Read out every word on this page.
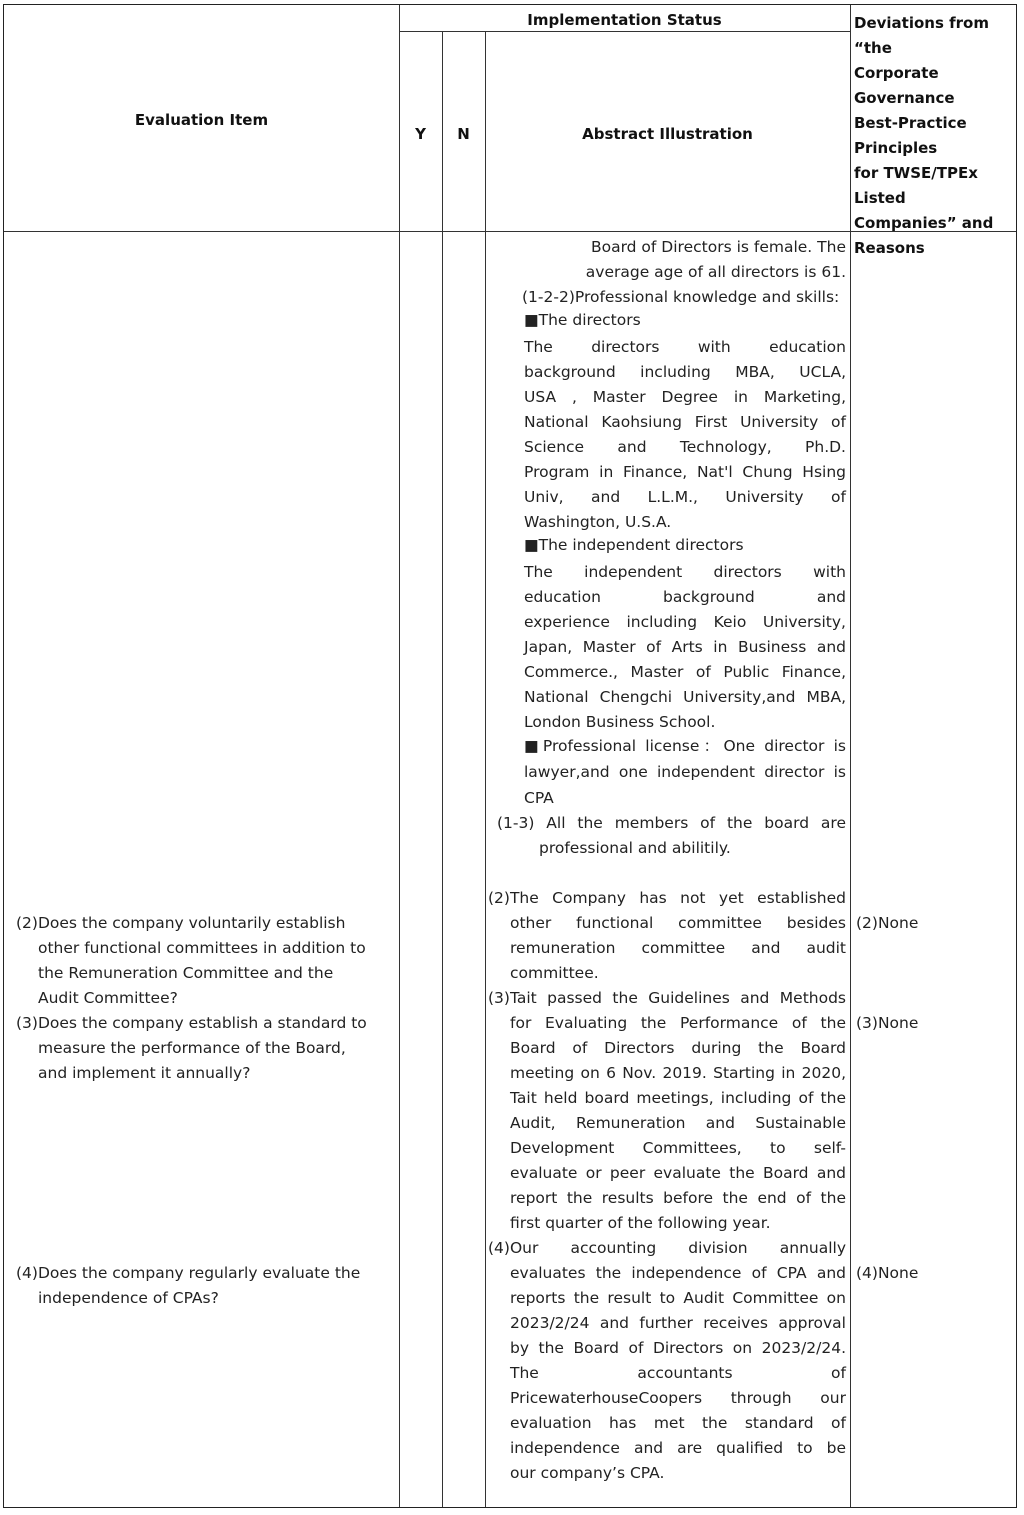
Evaluation Item
Implementation Status
Y	N	Abstract Illustration
Deviations from
“the
Corporate
Governance
Best-Practice
Principles
for TWSE/TPEx Listed
Companies” and
Reasons
(2)Does the company voluntarily establish
other functional committees in addition to
the Remuneration Committee and the
Audit Committee?
(3)Does the company establish a standard to
measure the performance of the Board,
and implement it annually?
(4)Does the company regularly evaluate the
independence of CPAs?
(2)None
(3)None
(4)None
Board of Directors is female. The
average age of all directors is 61.
(1-2-2)Professional knowledge and skills:
■The directors
The directors with education
background including MBA, UCLA,
USA , Master Degree in Marketing,
National Kaohsiung First University of
Science and Technology, Ph.D.
Program in Finance, Nat'l Chung Hsing
Univ, and L.L.M., University of
Washington, U.S.A.
■The independent directors
The independent directors with
education background and
experience including Keio University,
Japan, Master of Arts in Business and
Commerce., Master of Public Finance,
National Chengchi University,and MBA,
London Business School.
■Professional license：One director is
lawyer,and one independent director is
CPA
(1-3) All the members of the board are
professional and abilitily.
(2)The Company has not yet established
other functional committee besides
remuneration committee and audit
committee.
(3)Tait passed the Guidelines and Methods
for Evaluating the Performance of the
Board of Directors during the Board
meeting on 6 Nov. 2019. Starting in 2020,
Tait held board meetings, including of the
Audit, Remuneration and Sustainable
Development Committees, to self-
evaluate or peer evaluate the Board and
report the results before the end of the
first quarter of the following year.
(4)Our accounting division annually
evaluates the independence of CPA and
reports the result to Audit Committee on
2023/2/24 and further receives approval
by the Board of Directors on 2023/2/24.
The accountants of
PricewaterhouseCoopers through our
evaluation has met the standard of
independence and are qualified to be
our company’s CPA.
